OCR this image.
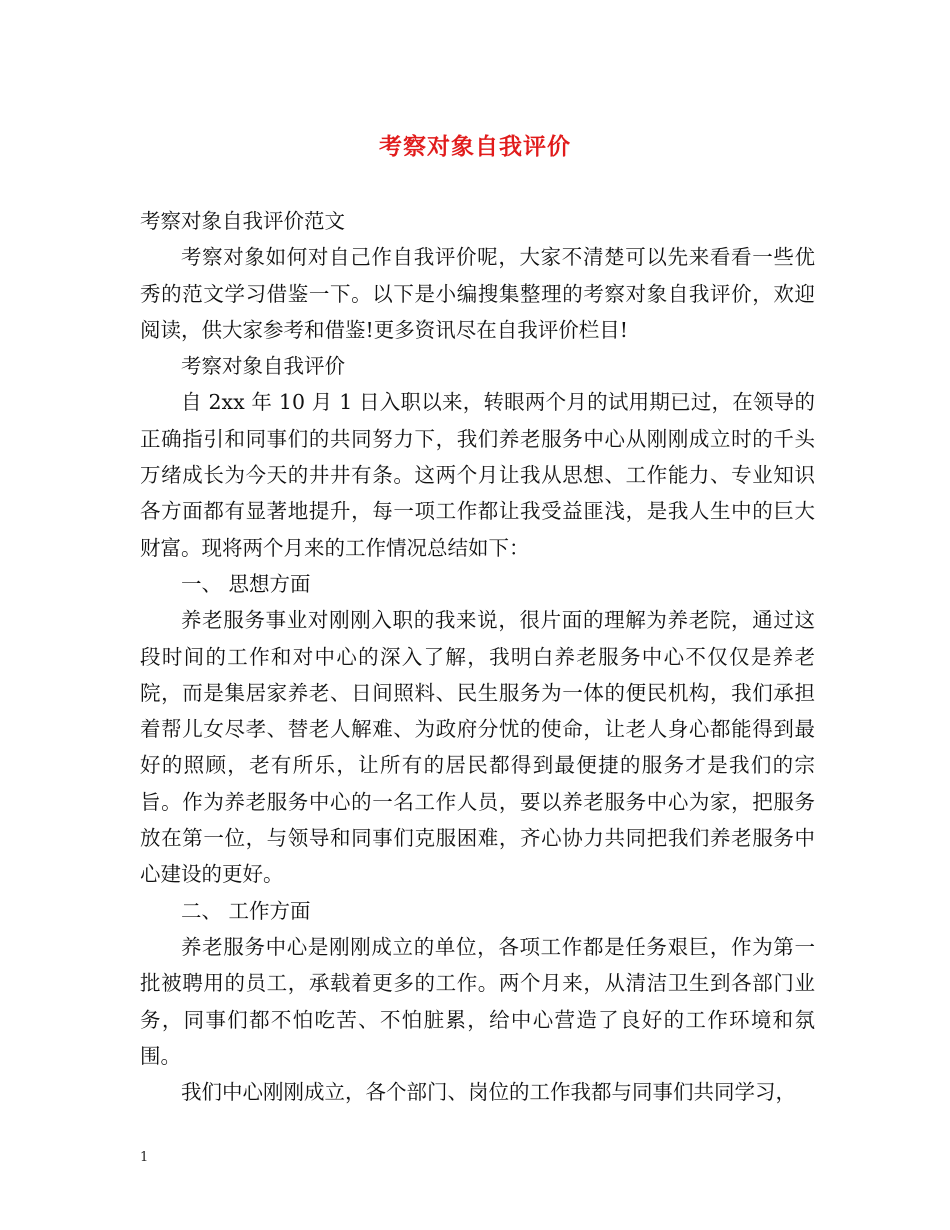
考察对象自我评价

考察对象自我评价范文

考察对象如何对自己作自我评价呢，大家不清楚可以先来看看一些优秀的范文学习借鉴一下。以下是小编搜集整理的考察对象自我评价，欢迎阅读，供大家参考和借鉴!更多资讯尽在自我评价栏目!

考察对象自我评价

自 2xx 年 10 月 1 日入职以来，转眼两个月的试用期已过，在领导的正确指引和同事们的共同努力下，我们养老服务中心从刚刚成立时的千头万绪成长为今天的井井有条。这两个月让我从思想、工作能力、专业知识各方面都有显著地提升，每一项工作都让我受益匪浅，是我人生中的巨大财富。现将两个月来的工作情况总结如下：

一、 思想方面

养老服务事业对刚刚入职的我来说，很片面的理解为养老院，通过这段时间的工作和对中心的深入了解，我明白养老服务中心不仅仅是养老院，而是集居家养老、日间照料、民生服务为一体的便民机构，我们承担着帮儿女尽孝、替老人解难、为政府分忧的使命，让老人身心都能得到最好的照顾，老有所乐，让所有的居民都得到最便捷的服务才是我们的宗旨。作为养老服务中心的一名工作人员，要以养老服务中心为家，把服务放在第一位，与领导和同事们克服困难，齐心协力共同把我们养老服务中心建设的更好。

二、 工作方面

养老服务中心是刚刚成立的单位，各项工作都是任务艰巨，作为第一批被聘用的员工，承载着更多的工作。两个月来，从清洁卫生到各部门业务，同事们都不怕吃苦、不怕脏累，给中心营造了良好的工作环境和氛围。

我们中心刚刚成立，各个部门、岗位的工作我都与同事们共同学习，

1
